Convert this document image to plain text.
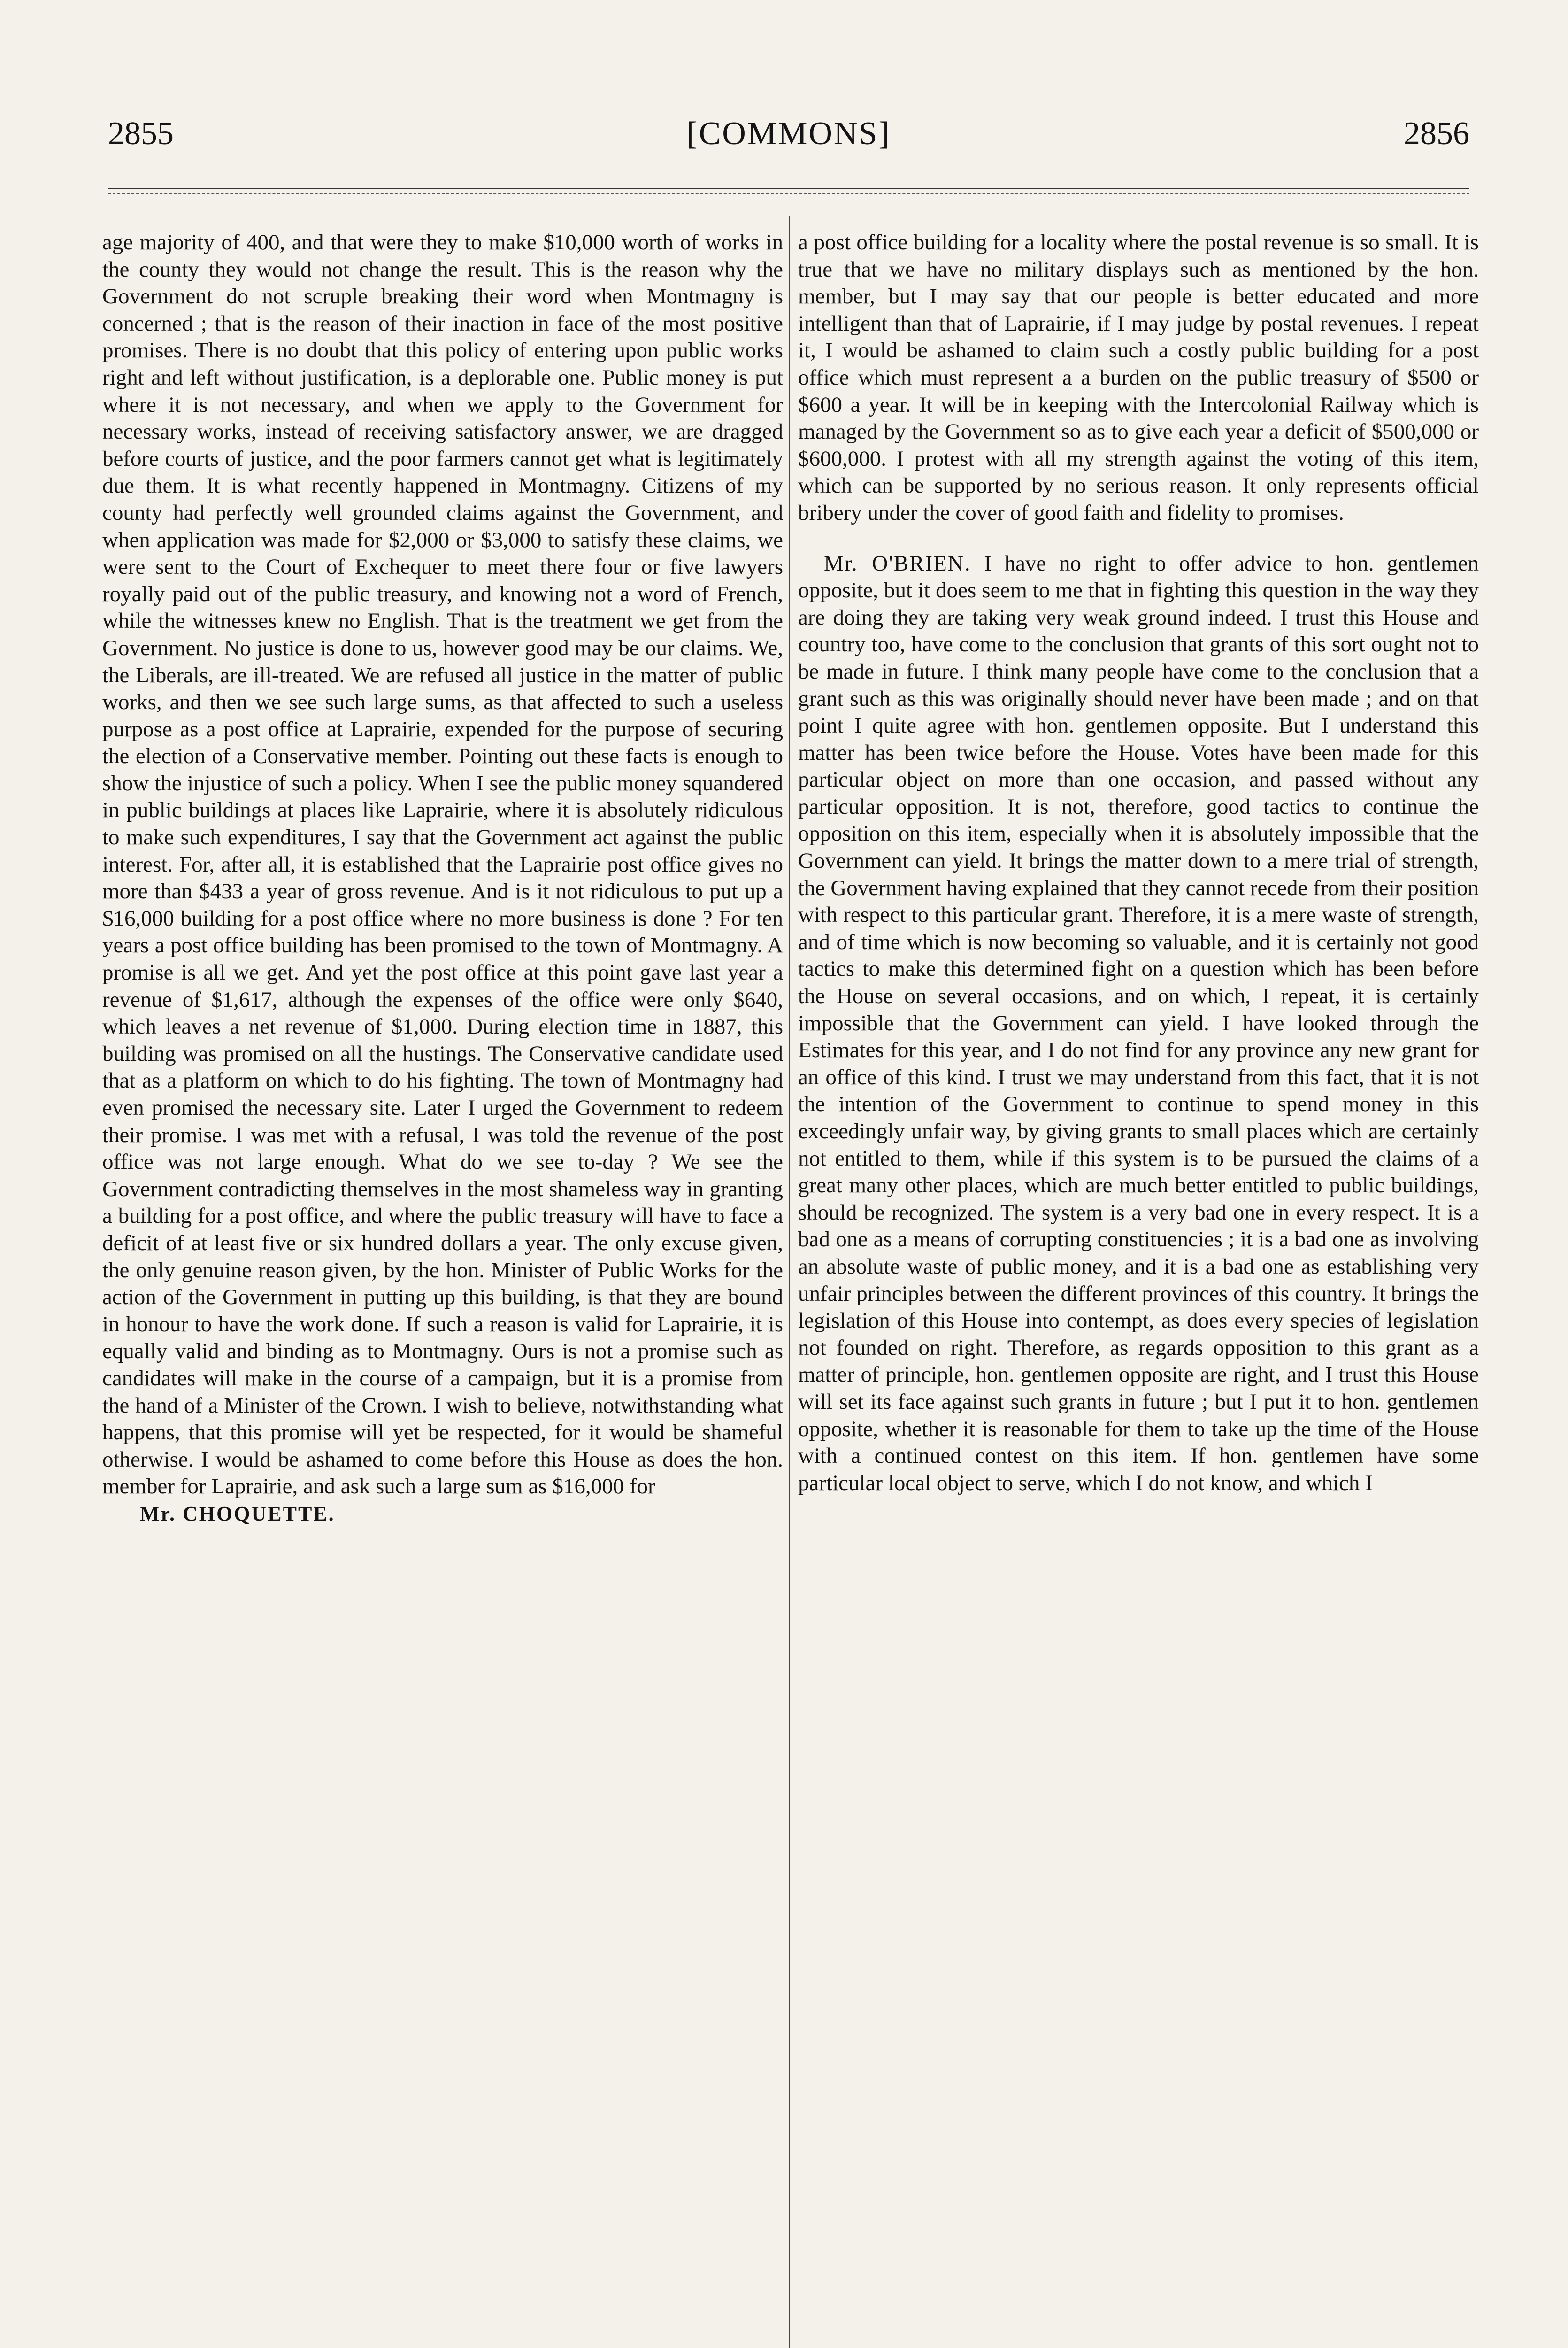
2855	[COMMONS]	2856

age majority of 400, and that were they to make $10,000 worth of works in the county they would not change the result. This is the reason why the Government do not scruple breaking their word when Montmagny is concerned ; that is the reason of their inaction in face of the most positive promises. There is no doubt that this policy of entering upon public works right and left without justification, is a deplorable one. Public money is put where it is not necessary, and when we apply to the Government for necessary works, instead of receiving satisfactory answer, we are dragged before courts of justice, and the poor farmers cannot get what is legitimately due them. It is what recently happened in Montmagny. Citizens of my county had perfectly well grounded claims against the Government, and when application was made for $2,000 or $3,000 to satisfy these claims, we were sent to the Court of Exchequer to meet there four or five lawyers royally paid out of the public treasury, and knowing not a word of French, while the witnesses knew no English. That is the treatment we get from the Government. No justice is done to us, however good may be our claims. We, the Liberals, are ill-treated. We are refused all justice in the matter of public works, and then we see such large sums, as that affected to such a useless purpose as a post office at Laprairie, expended for the purpose of securing the election of a Conservative member. Pointing out these facts is enough to show the injustice of such a policy. When I see the public money squandered in public buildings at places like Laprairie, where it is absolutely ridiculous to make such expenditures, I say that the Government act against the public interest. For, after all, it is established that the Laprairie post office gives no more than $433 a year of gross revenue. And is it not ridiculous to put up a $16,000 building for a post office where no more business is done ? For ten years a post office building has been promised to the town of Montmagny. A promise is all we get. And yet the post office at this point gave last year a revenue of $1,617, although the expenses of the office were only $640, which leaves a net revenue of $1,000. During election time in 1887, this building was promised on all the hustings. The Conservative candidate used that as a platform on which to do his fighting. The town of Montmagny had even promised the necessary site. Later I urged the Government to redeem their promise. I was met with a refusal, I was told the revenue of the post office was not large enough. What do we see to-day ? We see the Government contradicting themselves in the most shameless way in granting a building for a post office, and where the public treasury will have to face a deficit of at least five or six hundred dollars a year. The only excuse given, the only genuine reason given, by the hon. Minister of Public Works for the action of the Government in putting up this building, is that they are bound in honour to have the work done. If such a reason is valid for Laprairie, it is equally valid and binding as to Montmagny. Ours is not a promise such as candidates will make in the course of a campaign, but it is a promise from the hand of a Minister of the Crown. I wish to believe, notwithstanding what happens, that this promise will yet be respected, for it would be shameful otherwise. I would be ashamed to come before this House as does the hon. member for Laprairie, and ask such a large sum as $16,000 for

Mr. CHOQUETTE.

a post office building for a locality where the postal revenue is so small. It is true that we have no military displays such as mentioned by the hon. member, but I may say that our people is better educated and more intelligent than that of Laprairie, if I may judge by postal revenues. I repeat it, I would be ashamed to claim such a costly public building for a post office which must represent a a burden on the public treasury of $500 or $600 a year. It will be in keeping with the Intercolonial Railway which is managed by the Government so as to give each year a deficit of $500,000 or $600,000. I protest with all my strength against the voting of this item, which can be supported by no serious reason. It only represents official bribery under the cover of good faith and fidelity to promises.

Mr. O'BRIEN. I have no right to offer advice to hon. gentlemen opposite, but it does seem to me that in fighting this question in the way they are doing they are taking very weak ground indeed. I trust this House and country too, have come to the conclusion that grants of this sort ought not to be made in future. I think many people have come to the conclusion that a grant such as this was originally should never have been made ; and on that point I quite agree with hon. gentlemen opposite. But I understand this matter has been twice before the House. Votes have been made for this particular object on more than one occasion, and passed without any particular opposition. It is not, therefore, good tactics to continue the opposition on this item, especially when it is absolutely impossible that the Government can yield. It brings the matter down to a mere trial of strength, the Government having explained that they cannot recede from their position with respect to this particular grant. Therefore, it is a mere waste of strength, and of time which is now becoming so valuable, and it is certainly not good tactics to make this determined fight on a question which has been before the House on several occasions, and on which, I repeat, it is certainly impossible that the Government can yield. I have looked through the Estimates for this year, and I do not find for any province any new grant for an office of this kind. I trust we may understand from this fact, that it is not the intention of the Government to continue to spend money in this exceedingly unfair way, by giving grants to small places which are certainly not entitled to them, while if this system is to be pursued the claims of a great many other places, which are much better entitled to public buildings, should be recognized. The system is a very bad one in every respect. It is a bad one as a means of corrupting constituencies ; it is a bad one as involving an absolute waste of public money, and it is a bad one as establishing very unfair principles between the different provinces of this country. It brings the legislation of this House into contempt, as does every species of legislation not founded on right. Therefore, as regards opposition to this grant as a matter of principle, hon. gentlemen opposite are right, and I trust this House will set its face against such grants in future ; but I put it to hon. gentlemen opposite, whether it is reasonable for them to take up the time of the House with a continued contest on this item. If hon. gentlemen have some particular local object to serve, which I do not know, and which I
